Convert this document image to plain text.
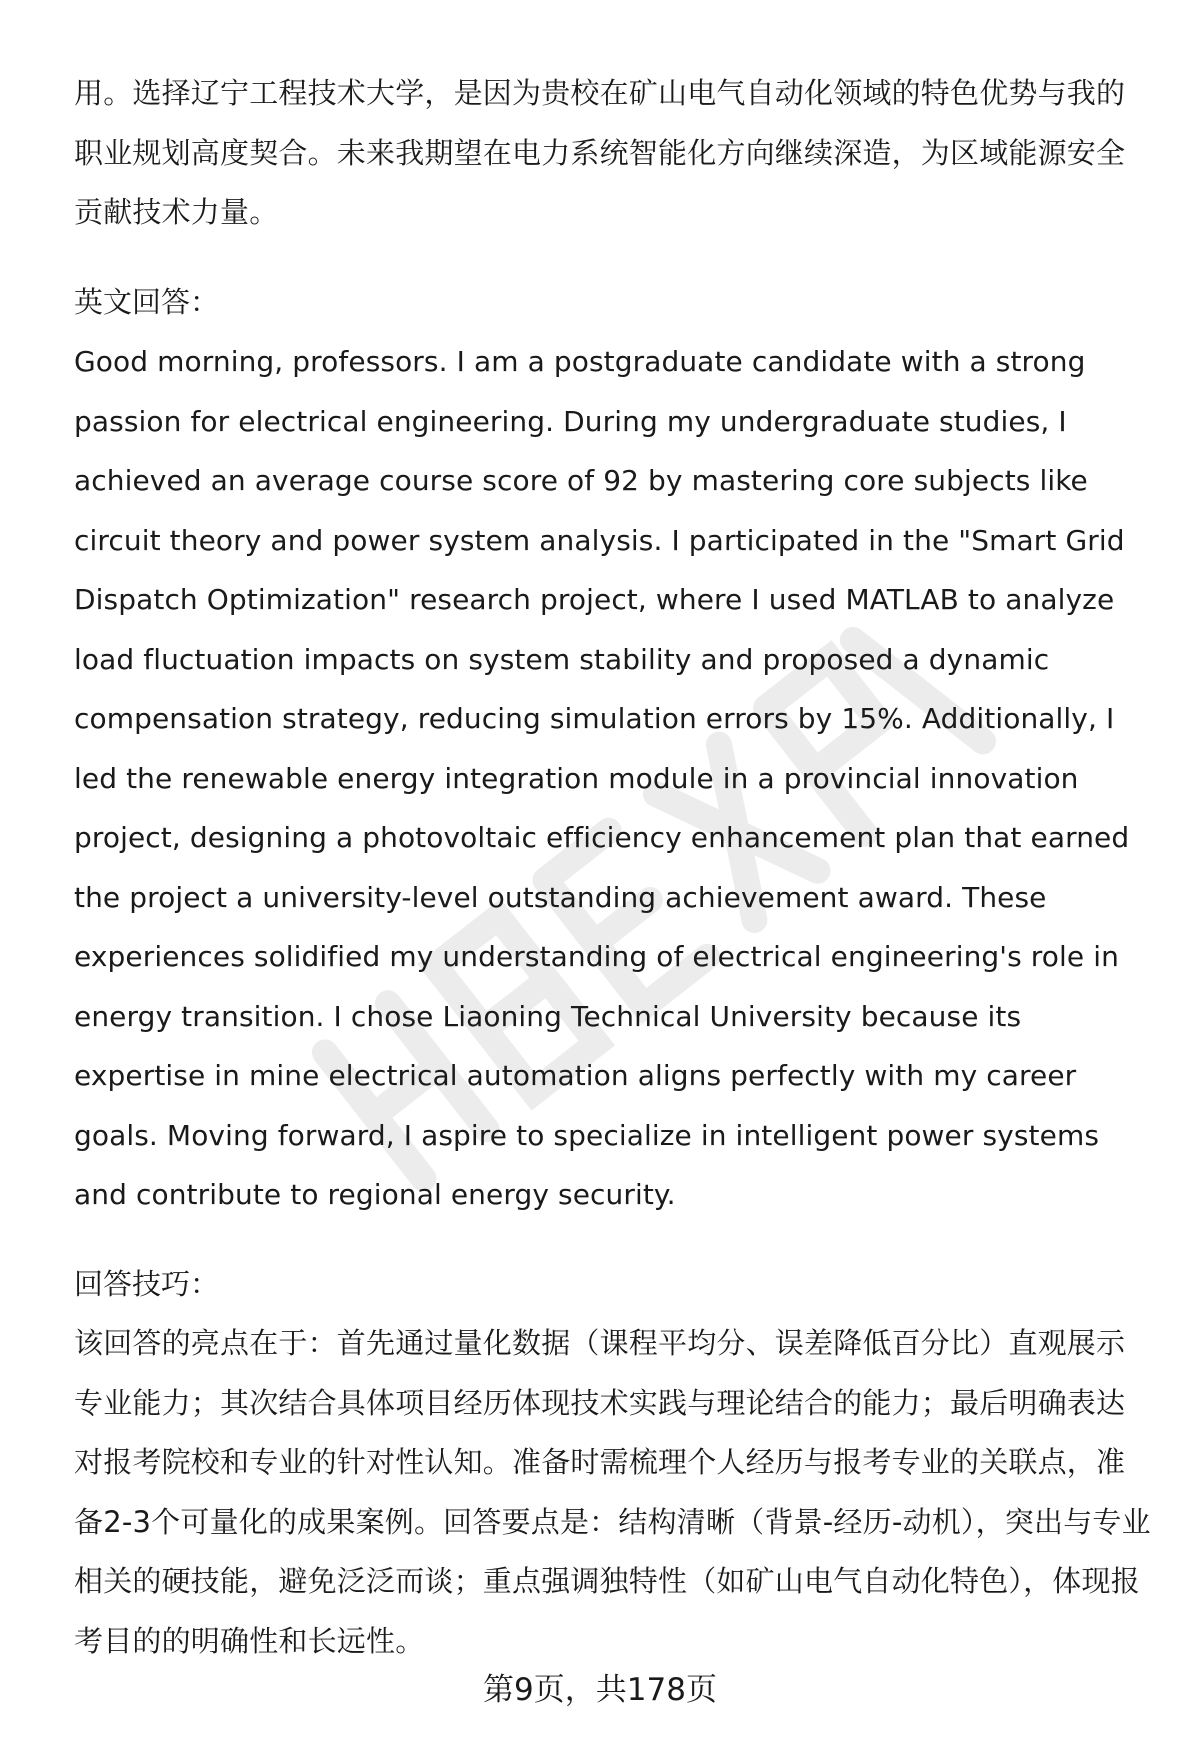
用。选择辽宁工程技术大学，是因为贵校在矿山电气自动化领域的特色优势与我的职业规划高度契合。未来我期望在电力系统智能化方向继续深造，为区域能源安全贡献技术力量。

英文回答：

Good morning, professors. I am a postgraduate candidate with a strong passion for electrical engineering. During my undergraduate studies, I achieved an average course score of 92 by mastering core subjects like circuit theory and power system analysis. I participated in the "Smart Grid Dispatch Optimization" research project, where I used MATLAB to analyze load fluctuation impacts on system stability and proposed a dynamic compensation strategy, reducing simulation errors by 15%. Additionally, I led the renewable energy integration module in a provincial innovation project, designing a photovoltaic efficiency enhancement plan that earned the project a university-level outstanding achievement award. These experiences solidified my understanding of electrical engineering's role in energy transition. I chose Liaoning Technical University because its expertise in mine electrical automation aligns perfectly with my career goals. Moving forward, I aspire to specialize in intelligent power systems and contribute to regional energy security.

回答技巧：

该回答的亮点在于：首先通过量化数据（课程平均分、误差降低百分比）直观展示专业能力；其次结合具体项目经历体现技术实践与理论结合的能力；最后明确表达对报考院校和专业的针对性认知。准备时需梳理个人经历与报考专业的关联点，准备2-3个可量化的成果案例。回答要点是：结构清晰（背景-经历-动机），突出与专业相关的硬技能，避免泛泛而谈；重点强调独特性（如矿山电气自动化特色），体现报考目的的明确性和长远性。

第9页，共178页
